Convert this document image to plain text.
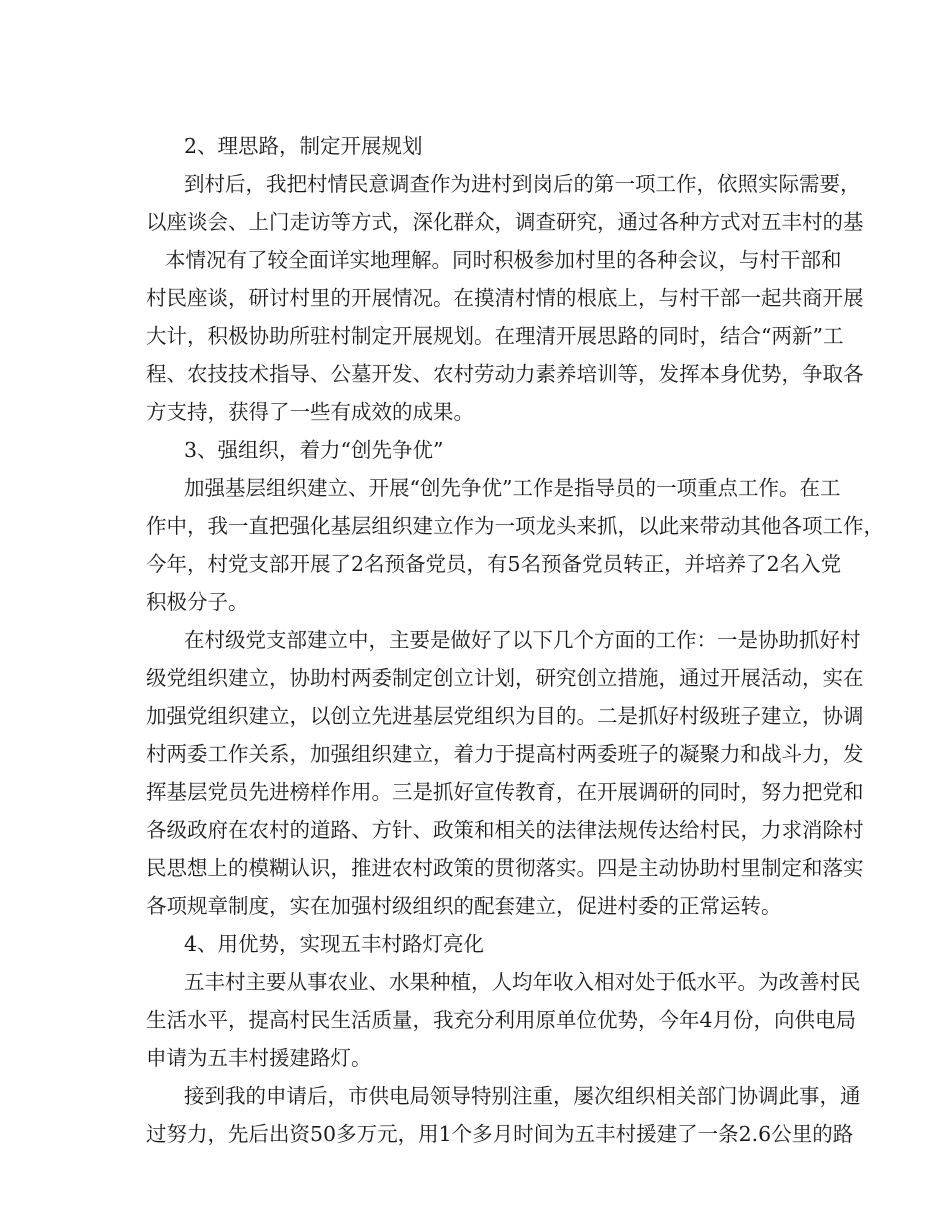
2、理思路，制定开展规划
到村后，我把村情民意调查作为进村到岗后的第一项工作，依照实际需要，
以座谈会、上门走访等方式，深化群众，调查研究，通过各种方式对五丰村的基
本情况有了较全面详实地理解。同时积极参加村里的各种会议，与村干部和
村民座谈，研讨村里的开展情况。在摸清村情的根底上，与村干部一起共商开展
大计，积极协助所驻村制定开展规划。在理清开展思路的同时，结合“两新”工
程、农技技术指导、公墓开发、农村劳动力素养培训等，发挥本身优势，争取各
方支持，获得了一些有成效的成果。
3、强组织，着力“创先争优”
加强基层组织建立、开展“创先争优”工作是指导员的一项重点工作。在工
作中，我一直把强化基层组织建立作为一项龙头来抓，以此来带动其他各项工作，
今年，村党支部开展了2名预备党员，有5名预备党员转正，并培养了2名入党
积极分子。
在村级党支部建立中，主要是做好了以下几个方面的工作：一是协助抓好村
级党组织建立，协助村两委制定创立计划，研究创立措施，通过开展活动，实在
加强党组织建立，以创立先进基层党组织为目的。二是抓好村级班子建立，协调
村两委工作关系，加强组织建立，着力于提高村两委班子的凝聚力和战斗力，发
挥基层党员先进榜样作用。三是抓好宣传教育，在开展调研的同时，努力把党和
各级政府在农村的道路、方针、政策和相关的法律法规传达给村民，力求消除村
民思想上的模糊认识，推进农村政策的贯彻落实。四是主动协助村里制定和落实
各项规章制度，实在加强村级组织的配套建立，促进村委的正常运转。
4、用优势，实现五丰村路灯亮化
五丰村主要从事农业、水果种植，人均年收入相对处于低水平。为改善村民
生活水平，提高村民生活质量，我充分利用原单位优势，今年4月份，向供电局
申请为五丰村援建路灯。
接到我的申请后，市供电局领导特别注重，屡次组织相关部门协调此事，通
过努力，先后出资50多万元，用1个多月时间为五丰村援建了一条2.6公里的路
